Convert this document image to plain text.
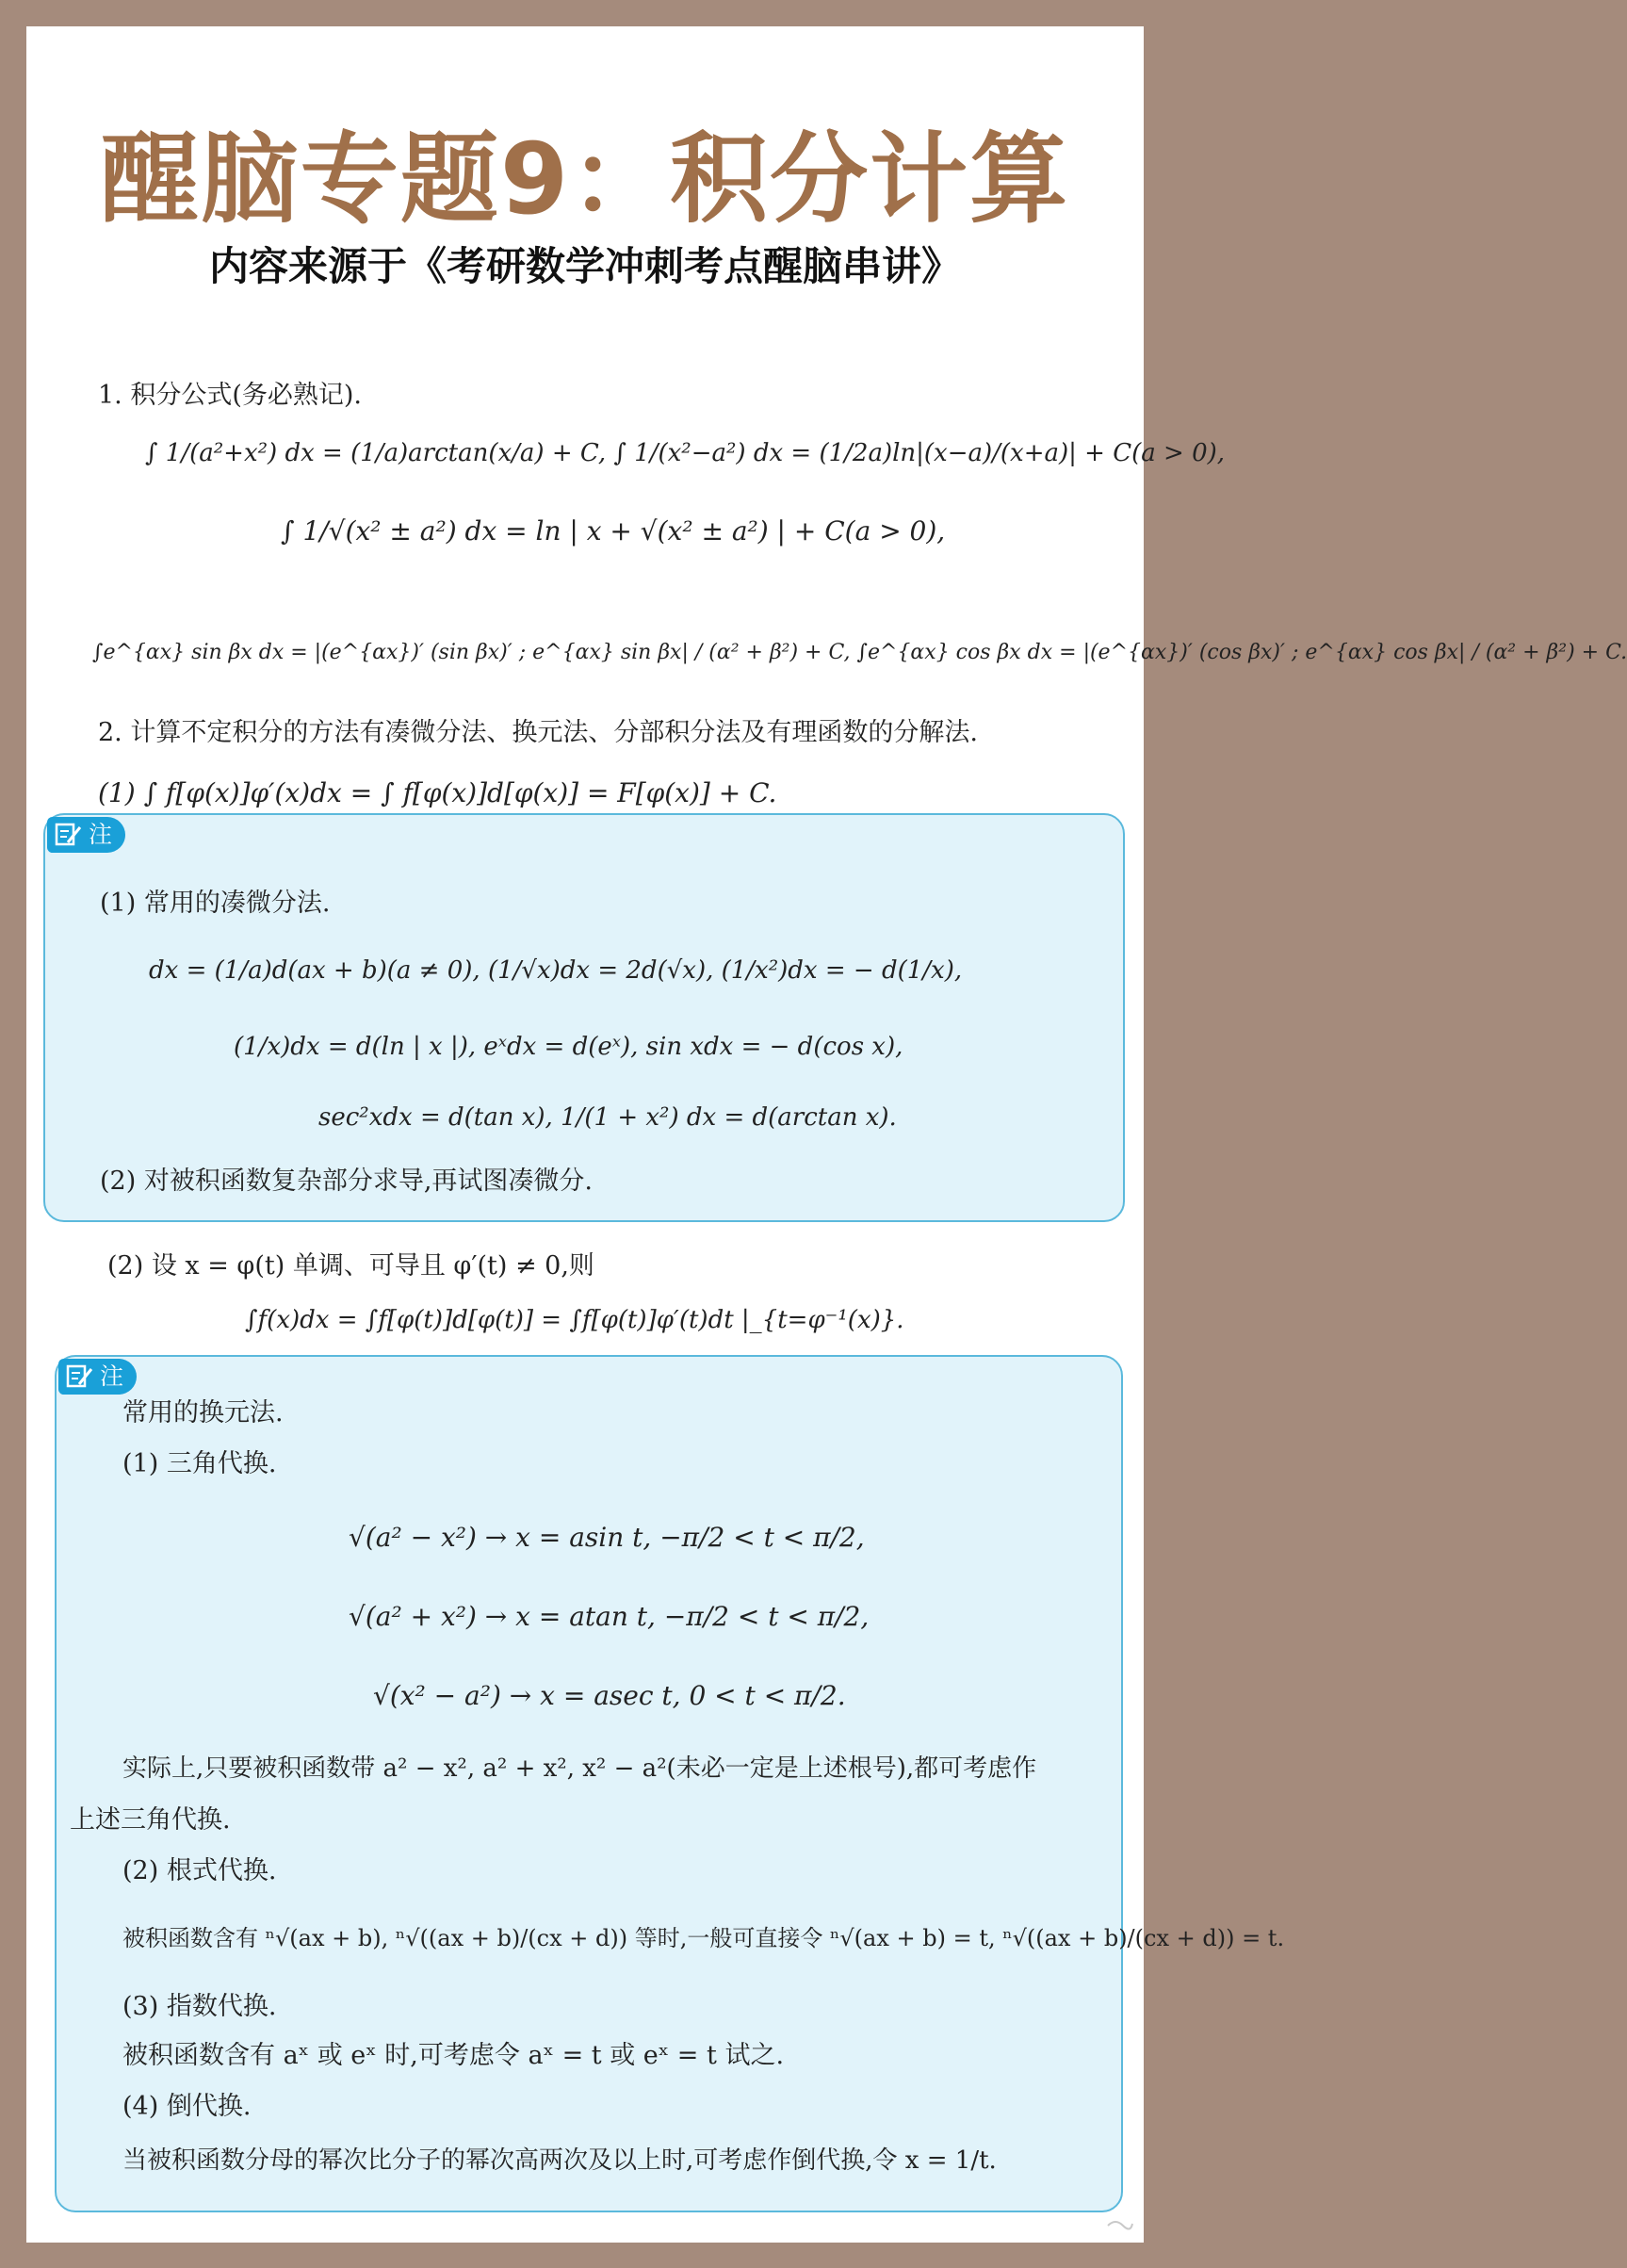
醒脑专题9：积分计算
内容来源于《考研数学冲刺考点醒脑串讲》
1. 积分公式(务必熟记).
∫ 1/(a²+x²) dx = (1/a)arctan(x/a) + C, ∫ 1/(x²−a²) dx = (1/2a)ln|(x−a)/(x+a)| + C(a > 0),
∫ 1/√(x² ± a²) dx = ln | x + √(x² ± a²) | + C(a > 0),
∫e^{αx} sin βx dx = |(e^{αx})′ (sin βx)′ ; e^{αx} sin βx| / (α² + β²) + C, ∫e^{αx} cos βx dx = |(e^{αx})′ (cos βx)′ ; e^{αx} cos βx| / (α² + β²) + C.
2. 计算不定积分的方法有凑微分法、换元法、分部积分法及有理函数的分解法.
(1) ∫ f[φ(x)]φ′(x)dx = ∫ f[φ(x)]d[φ(x)] = F[φ(x)] + C.
注
(1) 常用的凑微分法.
dx = (1/a)d(ax + b)(a ≠ 0), (1/√x)dx = 2d(√x), (1/x²)dx = − d(1/x),
(1/x)dx = d(ln | x |), eˣdx = d(eˣ), sin xdx = − d(cos x),
sec²xdx = d(tan x), 1/(1 + x²) dx = d(arctan x).
(2) 对被积函数复杂部分求导,再试图凑微分.
(2) 设 x = φ(t) 单调、可导且 φ′(t) ≠ 0,则
∫f(x)dx = ∫f[φ(t)]d[φ(t)] = ∫f[φ(t)]φ′(t)dt |_{t=φ⁻¹(x)}.
注
常用的换元法.
(1) 三角代换.
√(a² − x²) → x = asin t, −π/2 < t < π/2,
√(a² + x²) → x = atan t, −π/2 < t < π/2,
√(x² − a²) → x = asec t, 0 < t < π/2.
实际上,只要被积函数带 a² − x², a² + x², x² − a²(未必一定是上述根号),都可考虑作
上述三角代换.
(2) 根式代换.
被积函数含有 ⁿ√(ax + b), ⁿ√((ax + b)/(cx + d)) 等时,一般可直接令 ⁿ√(ax + b) = t, ⁿ√((ax + b)/(cx + d)) = t.
(3) 指数代换.
被积函数含有 aˣ 或 eˣ 时,可考虑令 aˣ = t 或 eˣ = t 试之.
(4) 倒代换.
当被积函数分母的幂次比分子的幂次高两次及以上时,可考虑作倒代换,令 x = 1/t.
